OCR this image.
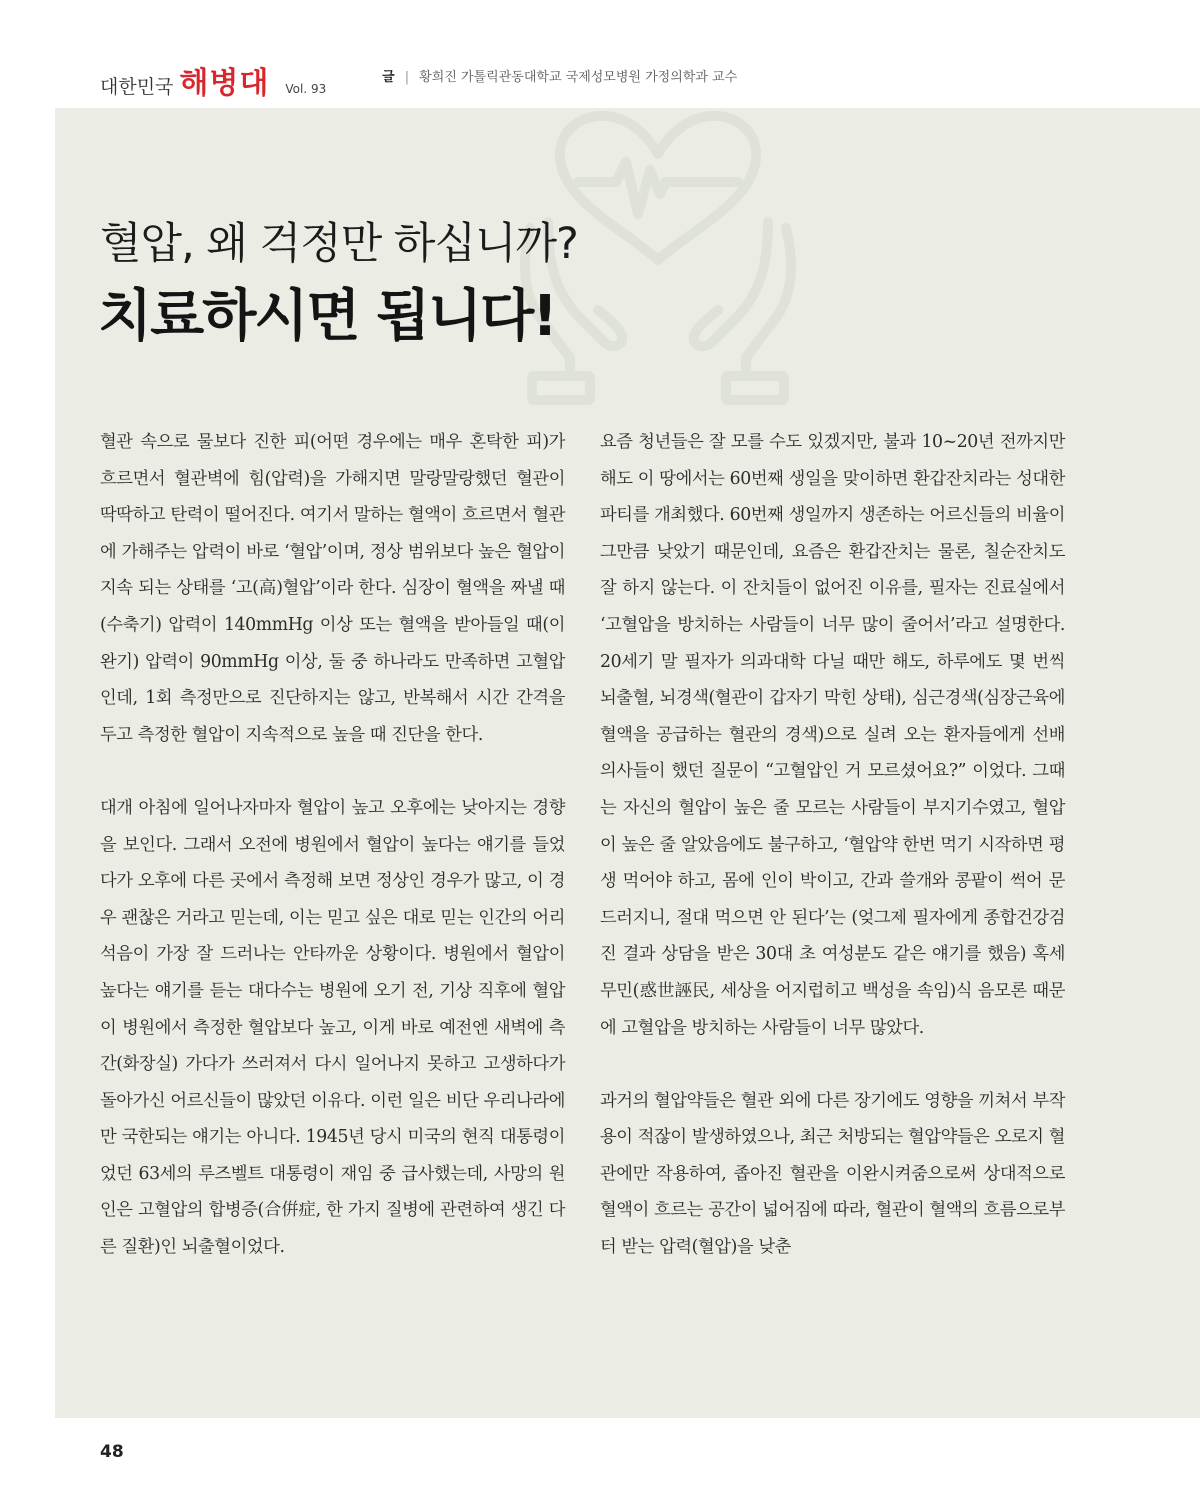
대한민국 해병대 Vol. 93
글 | 황희진 가톨릭관동대학교 국제성모병원 가정의학과 교수
혈압, 왜 걱정만 하십니까?
치료하시면 됩니다!

혈관 속으로 물보다 진한 피(어떤 경우에는 매우 혼탁한 피)가 흐르면서 혈관벽에 힘(압력)을 가해지면 말랑말랑했던 혈관이 딱딱하고 탄력이 떨어진다. 여기서 말하는 혈액이 흐르면서 혈관에 가해주는 압력이 바로 ‘혈압’이며, 정상 범위보다 높은 혈압이 지속 되는 상태를 ‘고(高)혈압’이라 한다. 심장이 혈액을 짜낼 때(수축기) 압력이 140mmHg 이상 또는 혈액을 받아들일 때(이완기) 압력이 90mmHg 이상, 둘 중 하나라도 만족하면 고혈압인데, 1회 측정만으로 진단하지는 않고, 반복해서 시간 간격을 두고 측정한 혈압이 지속적으로 높을 때 진단을 한다.

대개 아침에 일어나자마자 혈압이 높고 오후에는 낮아지는 경향을 보인다. 그래서 오전에 병원에서 혈압이 높다는 얘기를 들었다가 오후에 다른 곳에서 측정해 보면 정상인 경우가 많고, 이 경우 괜찮은 거라고 믿는데, 이는 믿고 싶은 대로 믿는 인간의 어리석음이 가장 잘 드러나는 안타까운 상황이다. 병원에서 혈압이 높다는 얘기를 듣는 대다수는 병원에 오기 전, 기상 직후에 혈압이 병원에서 측정한 혈압보다 높고, 이게 바로 예전엔 새벽에 측간(화장실) 가다가 쓰러져서 다시 일어나지 못하고 고생하다가 돌아가신 어르신들이 많았던 이유다. 이런 일은 비단 우리나라에만 국한되는 얘기는 아니다. 1945년 당시 미국의 현직 대통령이었던 63세의 루즈벨트 대통령이 재임 중 급사했는데, 사망의 원인은 고혈압의 합병증(合倂症, 한 가지 질병에 관련하여 생긴 다른 질환)인 뇌출혈이었다.

요즘 청년들은 잘 모를 수도 있겠지만, 불과 10~20년 전까지만 해도 이 땅에서는 60번째 생일을 맞이하면 환갑잔치라는 성대한 파티를 개최했다. 60번째 생일까지 생존하는 어르신들의 비율이 그만큼 낮았기 때문인데, 요즘은 환갑잔치는 물론, 칠순잔치도 잘 하지 않는다. 이 잔치들이 없어진 이유를, 필자는 진료실에서 ‘고혈압을 방치하는 사람들이 너무 많이 줄어서’라고 설명한다. 20세기 말 필자가 의과대학 다닐 때만 해도, 하루에도 몇 번씩 뇌출혈, 뇌경색(혈관이 갑자기 막힌 상태), 심근경색(심장근육에 혈액을 공급하는 혈관의 경색)으로 실려 오는 환자들에게 선배 의사들이 했던 질문이 “고혈압인 거 모르셨어요?” 이었다. 그때는 자신의 혈압이 높은 줄 모르는 사람들이 부지기수였고, 혈압이 높은 줄 알았음에도 불구하고, ‘혈압약 한번 먹기 시작하면 평생 먹어야 하고, 몸에 인이 박이고, 간과 쓸개와 콩팥이 썩어 문드러지니, 절대 먹으면 안 된다’는 (엊그제 필자에게 종합건강검진 결과 상담을 받은 30대 초 여성분도 같은 얘기를 했음) 혹세무민(惑世誣民, 세상을 어지럽히고 백성을 속임)식 음모론 때문에 고혈압을 방치하는 사람들이 너무 많았다.

과거의 혈압약들은 혈관 외에 다른 장기에도 영향을 끼쳐서 부작용이 적잖이 발생하였으나, 최근 처방되는 혈압약들은 오로지 혈관에만 작용하여, 좁아진 혈관을 이완시켜줌으로써 상대적으로 혈액이 흐르는 공간이 넓어짐에 따라, 혈관이 혈액의 흐름으로부터 받는 압력(혈압)을 낮춘

48
